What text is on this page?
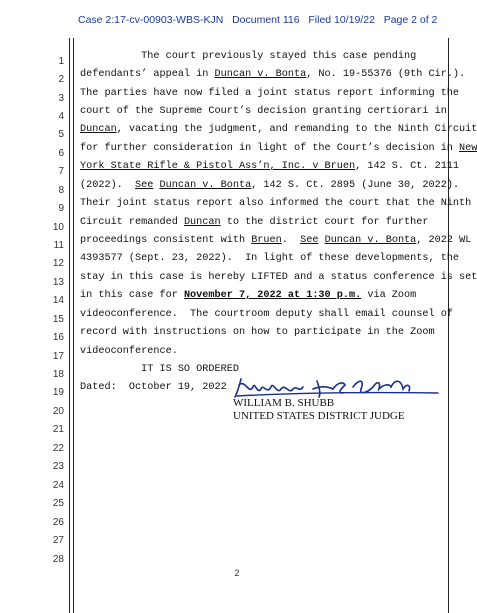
Case 2:17-cv-00903-WBS-KJN Document 116 Filed 10/19/22 Page 2 of 2
1
2
3
4
5
6
7
8
9
10
11
12
13
14
15
16
17
18
19
20
21
22
23
24
25
26
27
28
The court previously stayed this case pending
defendants’ appeal in Duncan v. Bonta, No. 19-55376 (9th Cir.).
The parties have now filed a joint status report informing the
court of the Supreme Court’s decision granting certiorari in
Duncan, vacating the judgment, and remanding to the Ninth Circuit
for further consideration in light of the Court’s decision in New
York State Rifle & Pistol Ass’n, Inc. v Bruen, 142 S. Ct. 2111
(2022).  See Duncan v. Bonta, 142 S. Ct. 2895 (June 30, 2022).
Their joint status report also informed the court that the Ninth
Circuit remanded Duncan to the district court for further
proceedings consistent with Bruen.  See Duncan v. Bonta, 2022 WL
4393577 (Sept. 23, 2022).  In light of these developments, the
stay in this case is hereby LIFTED and a status conference is set
in this case for November 7, 2022 at 1:30 p.m. via Zoom
videoconference.  The courtroom deputy shall email counsel of
record with instructions on how to participate in the Zoom
videoconference.
IT IS SO ORDERED
Dated:  October 19, 2022
WILLIAM B. SHUBB
UNITED STATES DISTRICT JUDGE
2
